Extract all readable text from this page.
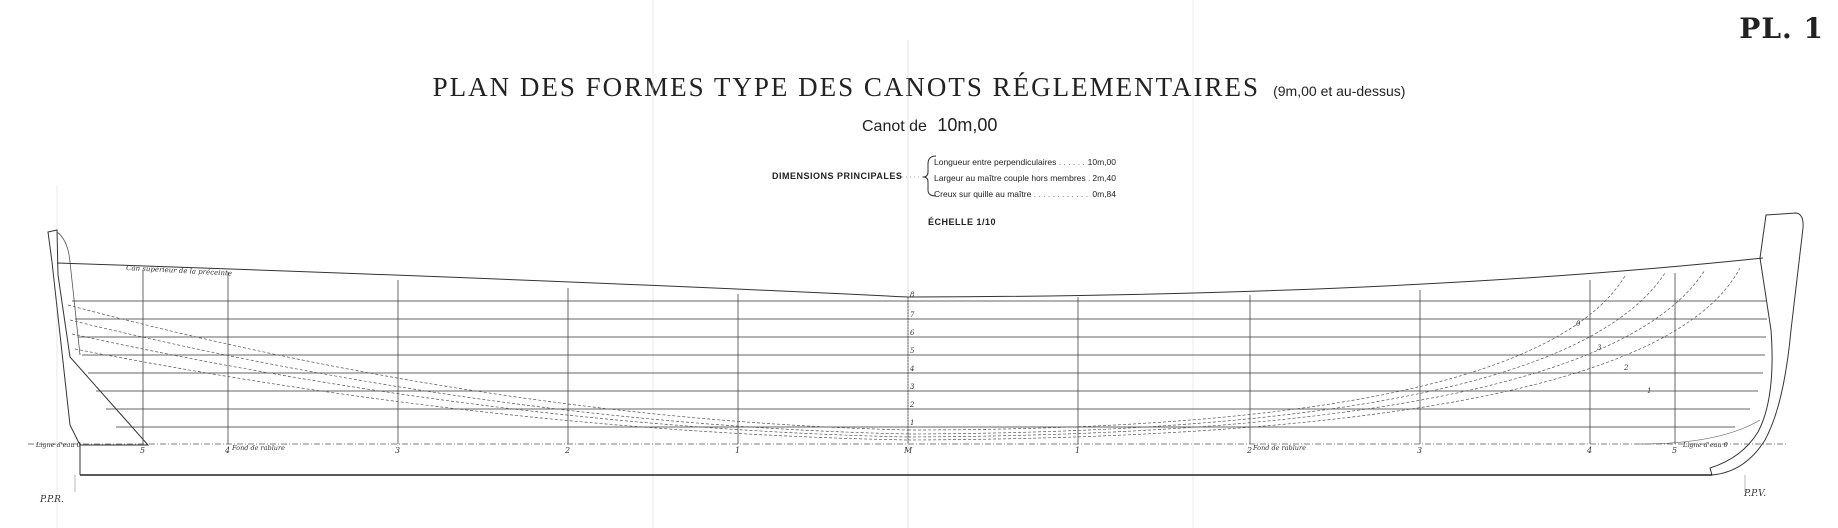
PL. 1
PLAN DES FORMES TYPE DES CANOTS RÉGLEMENTAIRES (9m,00 et au-dessus)
Canot de 10m,00
DIMENSIONS PRINCIPALES
Longueur entre perpendiculaires . . .	10m,00
Largeur au maître couple hors membres . . . 2m,40
Creux sur quille au maître . . .	0m,84
ÉCHELLE 1/10
Can supérieur de la préceinte
8
7
6
5
4
3
2
1
5	4	3	2	1	M	1	2	3	4	5
Ligne d'eau 0	Fond de rablure	Fond de rablure	Ligne d'eau 0
0
3
2
1
P.P.R.
P.P.V.
